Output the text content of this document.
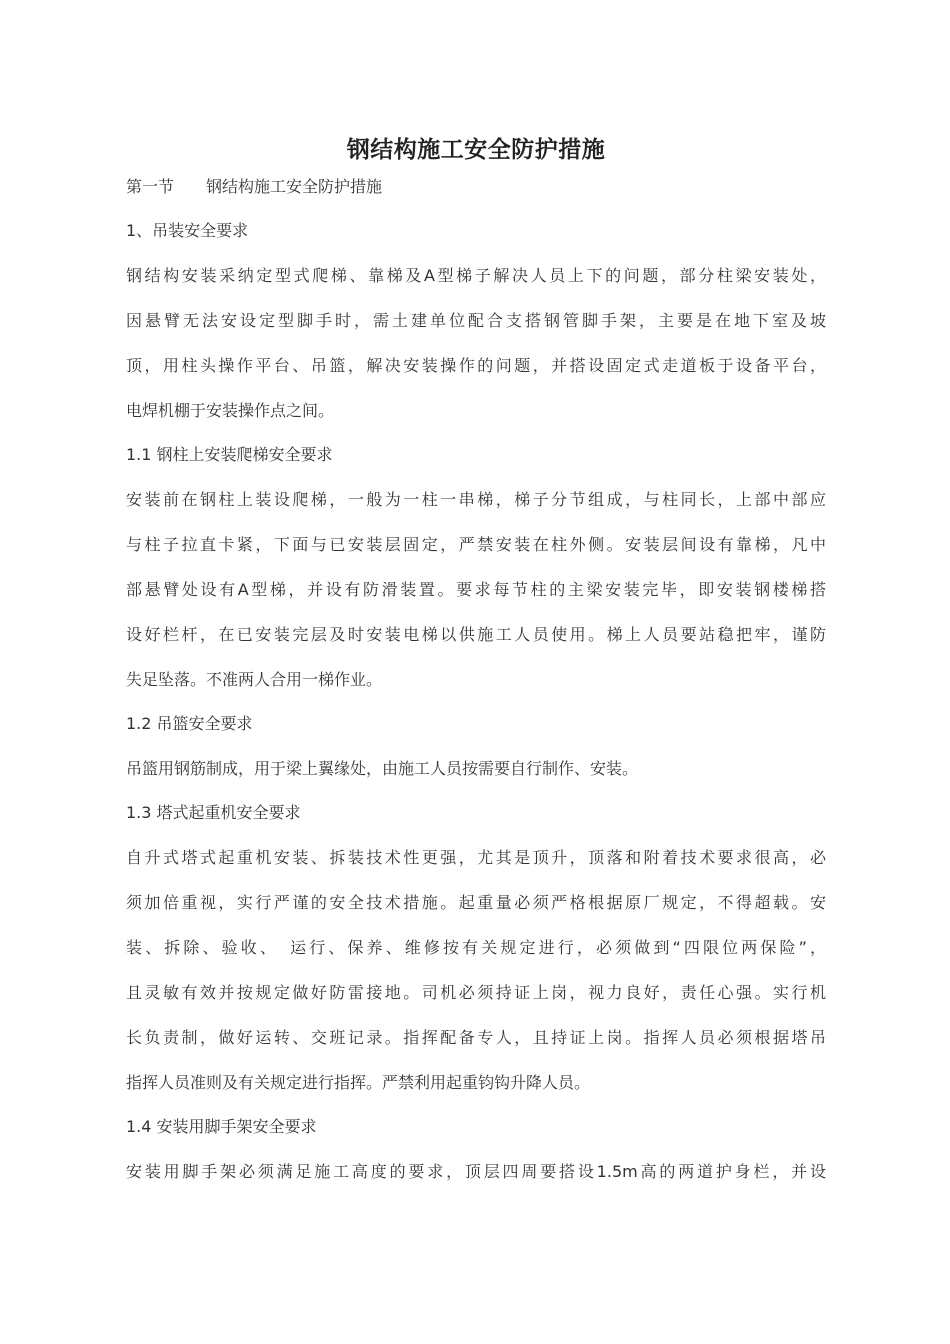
钢结构施工安全防护措施
第一节　　钢结构施工安全防护措施
1、吊装安全要求
钢结构安装采纳定型式爬梯、靠梯及A型梯子解决人员上下的问题，部分柱梁安装处，
因悬臂无法安设定型脚手时，需土建单位配合支搭钢管脚手架，主要是在地下室及坡
顶，用柱头操作平台、吊篮，解决安装操作的问题，并搭设固定式走道板于设备平台，
电焊机棚于安装操作点之间。
1.1 钢柱上安装爬梯安全要求
安装前在钢柱上装设爬梯，一般为一柱一串梯，梯子分节组成，与柱同长，上部中部应
与柱子拉直卡紧，下面与已安装层固定，严禁安装在柱外侧。安装层间设有靠梯，凡中
部悬臂处设有A型梯，并设有防滑装置。要求每节柱的主梁安装完毕，即安装钢楼梯搭
设好栏杆，在已安装完层及时安装电梯以供施工人员使用。梯上人员要站稳把牢，谨防
失足坠落。不准两人合用一梯作业。
1.2 吊篮安全要求
吊篮用钢筋制成，用于梁上翼缘处，由施工人员按需要自行制作、安装。
1.3 塔式起重机安全要求
自升式塔式起重机安装、拆装技术性更强，尤其是顶升，顶落和附着技术要求很高，必
须加倍重视，实行严谨的安全技术措施。起重量必须严格根据原厂规定，不得超载。安
装、拆除、验收、　运行、保养、维修按有关规定进行，必须做到“四限位两保险”，
且灵敏有效并按规定做好防雷接地。司机必须持证上岗，视力良好，责任心强。实行机
长负责制，做好运转、交班记录。指挥配备专人，且持证上岗。指挥人员必须根据塔吊
指挥人员准则及有关规定进行指挥。严禁利用起重钧钩升降人员。
1.4 安装用脚手架安全要求
安装用脚手架必须满足施工高度的要求，顶层四周要搭设1.5m高的两道护身栏，并设
